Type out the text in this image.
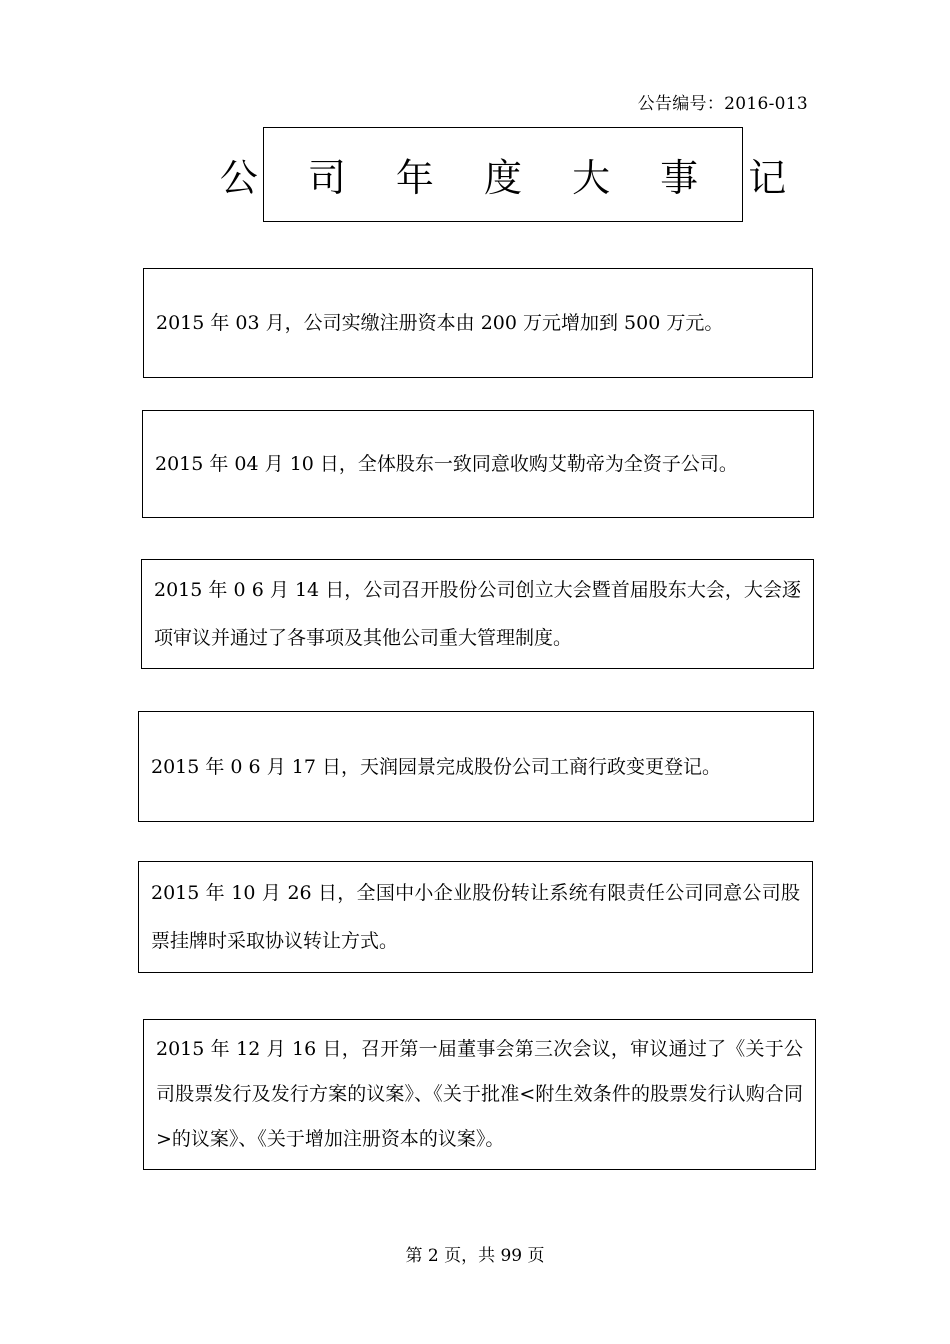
公告编号：2016-013
公 司 年 度 大 事 记
2015 年 03 月，公司实缴注册资本由 200 万元增加到 500 万元。
2015 年 04 月 10 日，全体股东一致同意收购艾勒帝为全资子公司。
2015 年 0 6 月 14 日，公司召开股份公司创立大会暨首届股东大会，大会逐项审议并通过了各事项及其他公司重大管理制度。
2015 年 0 6 月 17 日，天润园景完成股份公司工商行政变更登记。
2015 年 10 月 26 日，全国中小企业股份转让系统有限责任公司同意公司股票挂牌时采取协议转让方式。
2015 年 12 月 16 日，召开第一届董事会第三次会议，审议通过了《关于公司股票发行及发行方案的议案》、《关于批准<附生效条件的股票发行认购合同>的议案》、《关于增加注册资本的议案》。
第 2 页，共 99 页
